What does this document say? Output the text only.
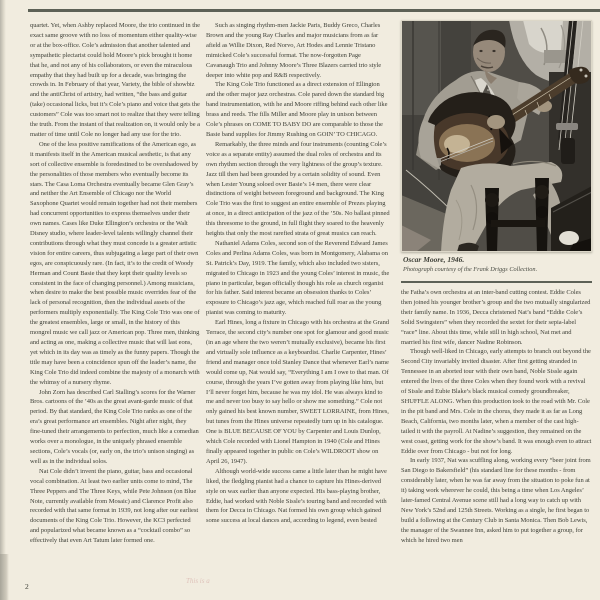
quartet. Yet, when Ashby replaced Moore, the trio continued in the exact same groove with no loss of momentum either quality-wise or at the box-office. Cole’s admission that another talented and sympathetic plectarist could hold Moore’s pick brought it home that he, and not any of his collaborators, or even the miraculous empathy that they had built up for a decade, was bringing the crowds in. In February of that year, Variety, the bible of showbiz and the antiChrist of artistry, had written, “the bass and guitar (take) occasional licks, but it’s Cole’s piano and voice that gets the customers” Cole was too smart not to realize that they were telling the truth. From the instant of that realization on, it would only be a matter of time until Cole no longer had any use for the trio.

One of the less positive ramifications of the American ego, as it manifests itself in the American musical aesthetic, is that any sort of collective ensemble is foredestined to be overshadowed by the personalities of those members who eventually become its stars. The Casa Loma Orchestra eventually became Glen Gray’s and neither the Art Ensemble of Chicago nor the World Saxophone Quartet would remain together had not their members had concurrent opportunities to express themselves under their own names. Cases like Duke Ellington’s orchestra or the Walt Disney studio, where leader-level talents willingly channel their contributions through what they must concede is a greater artistic vision for entire careers, thus subjugating a large part of their own egos, are conspicuously rare. (In fact, it’s to the credit of Woody Herman and Count Basie that they kept their quality levels so consistent in the face of changing personnel.) Among musicians, when desire to make the best possible music overrides fear of the lack of personal recognition, then the individual assets of the performers multiply exponentially. The King Cole Trio was one of the greatest ensembles, large or small, in the history of this mongrel music we call jazz or American pop. Three men, thinking and acting as one, making a collective music that will last eons, yet which in its day was as timely as the funny papers. Though the title may have been a coincidence spun off the leader’s name, the King Cole Trio did indeed combine the majesty of a monarch with the whimsy of a nursery rhyme.

John Zorn has described Carl Stalling’s scores for the Warner Bros. cartoons of the ’40s as the great avant-garde music of that period. By that standard, the King Cole Trio ranks as one of the era’s great performance art ensembles. Night after night, they fine-tuned their arrangements to perfection, much like a comedian works over a monologue, in the uniquely phrased ensemble sections, Cole’s vocals (or, early on, the trio’s unison singing) as well as in the individual solos.

Nat Cole didn’t invent the piano, guitar, bass and occasional vocal combination. At least two earlier units come to mind, The Three Peppers and The Three Keys, while Pete Johnson (on Blue Note, currently available from Mosaic) and Clarence Profit also recorded with that same format in 1939, not long after our earliest documents of the King Cole Trio. However, the KC3 perfected and popularized what became known as a “cocktail combo” so effectively that even Art Tatum later formed one.

Such as singing rhythm-men Jackie Paris, Buddy Greco, Charles Brown and the young Ray Charles and major musicians from as far afield as Willie Dixon, Red Norvo, Art Hodes and Lennie Tristano mimicked Cole’s successful format. The now-forgotten Page Cavanaugh Trio and Johnny Moore’s Three Blazers carried trio style deeper into white pop and R&B respectively.

The King Cole Trio functioned as a direct extension of Ellington and the other major jazz orchestras. Cole pared down the standard big band instrumentation, with he and Moore riffing behind each other like brass and reeds. The fills Miller and Moore play in unison between Cole’s phrases on COME TO BABY DO are comparable to those the Basie band supplies for Jimmy Rushing on GOIN’ TO CHICAGO.

Remarkably, the three minds and four instruments (counting Cole’s voice as a separate entity) assumed the dual roles of orchestra and its own rhythm section through the very lightness of the group’s texture. Jazz till then had been grounded by a certain solidity of sound. Even when Lester Young soloed over Basie’s 14 men, there were clear distinctions of weight between foreground and background. The King Cole Trio was the first to suggest an entire ensemble of Prezes playing at once, in a direct anticipation of the jazz of the ’50s. No ballast pinned this threesome to the ground, in full flight they soared to the heavenly heights that only the most rarefied strata of great musics can reach.

Nathaniel Adams Coles, second son of the Reverend Edward James Coles and Perlina Adams Coles, was born in Montgomery, Alabama on St. Patrick’s Day, 1919. The family, which also included two sisters, migrated to Chicago in 1923 and the young Coles’ interest in music, the piano in particular, began officially though his role as church organist for his father. Said interest became an obsession thanks to Coles’ exposure to Chicago’s jazz age, which reached full roar as the young pianist was coming to maturity.

Earl Hines, long a fixture in Chicago with his orchestra at the Grand Terrace, the second city’s number one spot for glamour and good music (in an age where the two weren’t mutually exclusive), became his first and virtually sole influence as a keyboardist. Charlie Carpenter, Hines’ friend and manager once told Stanley Dance that whenever Earl’s name would come up, Nat would say, “Everything I am I owe to that man. Of course, through the years I’ve gotten away from playing like him, but I’ll never forget him, because he was my idol. He was always kind to me and never too busy to say hello or show me something.” Cole not only gained his best known number, SWEET LORRAINE, from Hines, but tunes from the Hines universe repeatedly turn up in his catalogue. One is BLUE BECAUSE OF YOU by Carpenter and Louis Dunlop, which Cole recorded with Lionel Hampton in 1940 (Cole and Hines finally appeared together in public on Cole’s WILDROOT show on April 26, 1947).

Although world-wide success came a little later than he might have liked, the fledgling pianist had a chance to capture his Hines-derived style on wax earlier than anyone expected. His bass-playing brother, Eddie, had worked with Noble Sissle’s touring band and recorded with them for Decca in Chicago. Nat formed his own group which gained some success at local dances and, according to legend, even bested

Oscar Moore, 1946.
Photograph courtesy of the Frank Driggs Collection.

the Fatha’s own orchestra at an inter-band cutting contest. Eddie Coles then joined his younger brother’s group and the two mutually singularized their family name. In 1936, Decca christened Nat’s band “Eddie Cole’s Solid Swingsters” when they recorded the sextet for their sepia-label “race” line. About this time, while still in high school, Nat met and married his first wife, dancer Nadine Robinson.

Though well-liked in Chicago, early attempts to branch out beyond the Second City invariably invited disaster. After first getting stranded in Tennessee in an aborted tour with their own band, Noble Sissle again entered the lives of the three Coles when they found work with a revival of Sissle and Eubie Blake’s black musical comedy groundbreaker, SHUFFLE ALONG. When this production took to the road with Mr. Cole in the pit band and Mrs. Cole in the chorus, they made it as far as Long Beach, California, two months later, when a member of the cast high-tailed it with the payroll. At Nadine’s suggestion, they remained on the west coast, getting work for the show’s band. It was enough even to attract Eddie over from Chicago - but not for long.

In early 1937, Nat was scuffling along, working every “beer joint from San Diego to Bakersfield” (his standard line for these months - from considerably later, when he was far away from the situation to poke fun at it) taking work wherever he could, this being a time when Los Angeles’ later-famed Central Avenue scene still had a long way to catch up with New York’s 52nd and 125th Streets. Working as a single, he first began to build a following at the Century Club in Santa Monica. Then Bob Lewis, the manager of the Swannee Inn, asked him to put together a group, for which he hired two men

This is a
2
